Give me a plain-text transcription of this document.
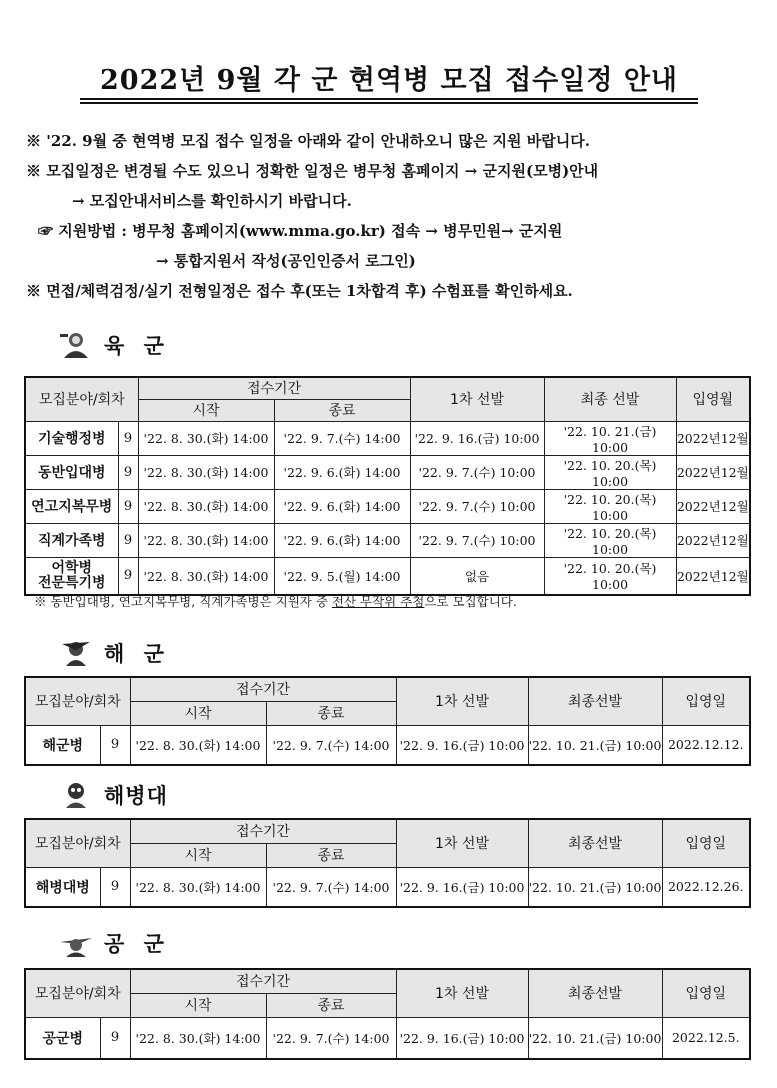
2022년 9월 각 군 현역병 모집 접수일정 안내
※ '22. 9월 중 현역병 모집 접수 일정을 아래와 같이 안내하오니 많은 지원 바랍니다.
※ 모집일정은 변경될 수도 있으니 정확한 일정은 병무청 홈페이지 → 군지원(모병)안내
→ 모집안내서비스를 확인하시기 바랍니다.
☞ 지원방법 : 병무청 홈페이지(www.mma.go.kr) 접속 → 병무민원→ 군지원
→ 통합지원서 작성(공인인증서 로그인)
※ 면접/체력검정/실기 전형일정은 접수 후(또는 1차합격 후) 수험표를 확인하세요.
육 군
모집분야/회차		접수기간		1차 선발	최종 선발	입영월
		시작	종료			
기술행정병	9	'22. 8. 30.(화) 14:00	'22. 9. 7.(수) 14:00	'22. 9. 16.(금) 10:00	'22. 10. 21.(금) 10:00	2022년12월
동반입대병	9	'22. 8. 30.(화) 14:00	'22. 9. 6.(화) 14:00	'22. 9. 7.(수) 10:00	'22. 10. 20.(목) 10:00	2022년12월
연고지복무병	9	'22. 8. 30.(화) 14:00	'22. 9. 6.(화) 14:00	'22. 9. 7.(수) 10:00	'22. 10. 20.(목) 10:00	2022년12월
직계가족병	9	'22. 8. 30.(화) 14:00	'22. 9. 6.(화) 14:00	'22. 9. 7.(수) 10:00	'22. 10. 20.(목) 10:00	2022년12월
어학병
전문특기병	9	'22. 8. 30.(화) 14:00	'22. 9. 5.(월) 14:00	없음	'22. 10. 20.(목) 10:00	2022년12월
※ 동반입대병, 연고지복무병, 직계가족병은 지원자 중 전산 무작위 추첨으로 모집합니다.
해 군
모집분야/회차		접수기간		1차 선발	최종선발	입영일
		시작	종료			
해군병	9	'22. 8. 30.(화) 14:00	'22. 9. 7.(수) 14:00	'22. 9. 16.(금) 10:00	'22. 10. 21.(금) 10:00	2022.12.12.
해병대
모집분야/회차		접수기간		1차 선발	최종선발	입영일
		시작	종료			
해병대병	9	'22. 8. 30.(화) 14:00	'22. 9. 7.(수) 14:00	'22. 9. 16.(금) 10:00	'22. 10. 21.(금) 10:00	2022.12.26.
공 군
모집분야/회차		접수기간		1차 선발	최종선발	입영일
		시작	종료			
공군병	9	'22. 8. 30.(화) 14:00	'22. 9. 7.(수) 14:00	'22. 9. 16.(금) 10:00	'22. 10. 21.(금) 10:00	2022.12.5.
